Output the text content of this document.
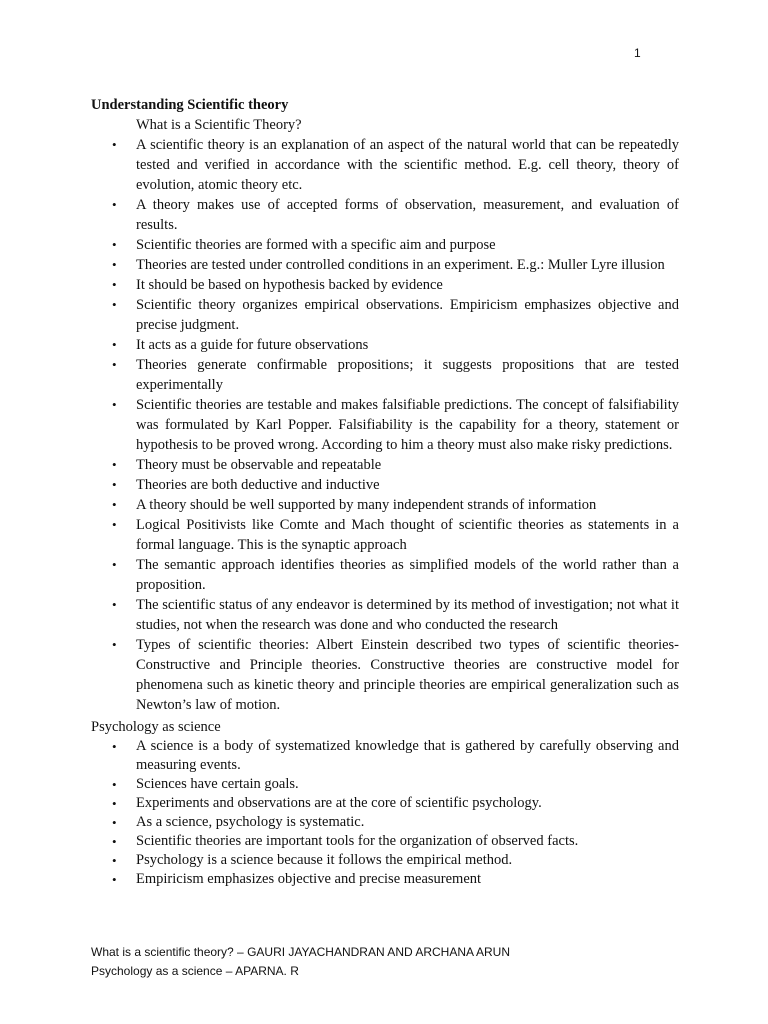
1

Understanding Scientific theory

What is a Scientific Theory?

• A scientific theory is an explanation of an aspect of the natural world that can be repeatedly tested and verified in accordance with the scientific method. E.g. cell theory, theory of evolution, atomic theory etc.
• A theory makes use of accepted forms of observation, measurement, and evaluation of results.
• Scientific theories are formed with a specific aim and purpose
• Theories are tested under controlled conditions in an experiment. E.g.: Muller Lyre illusion
• It should be based on hypothesis backed by evidence
• Scientific theory organizes empirical observations. Empiricism emphasizes objective and precise judgment.
• It acts as a guide for future observations
• Theories generate confirmable propositions; it suggests propositions that are tested experimentally
• Scientific theories are testable and makes falsifiable predictions. The concept of falsifiability was formulated by Karl Popper. Falsifiability is the capability for a theory, statement or hypothesis to be proved wrong. According to him a theory must also make risky predictions.
• Theory must be observable and repeatable
• Theories are both deductive and inductive
• A theory should be well supported by many independent strands of information
• Logical Positivists like Comte and Mach thought of scientific theories as statements in a formal language. This is the synaptic approach
• The semantic approach identifies theories as simplified models of the world rather than a proposition.
• The scientific status of any endeavor is determined by its method of investigation; not what it studies, not when the research was done and who conducted the research
• Types of scientific theories: Albert Einstein described two types of scientific theories- Constructive and Principle theories. Constructive theories are constructive model for phenomena such as kinetic theory and principle theories are empirical generalization such as Newton’s law of motion.

Psychology as science

• A science is a body of systematized knowledge that is gathered by carefully observing and measuring events.
• Sciences have certain goals.
• Experiments and observations are at the core of scientific psychology.
• As a science, psychology is systematic.
• Scientific theories are important tools for the organization of observed facts.
• Psychology is a science because it follows the empirical method.
• Empiricism emphasizes objective and precise measurement
What is a scientific theory? – GAURI JAYACHANDRAN AND ARCHANA ARUN
Psychology as a science – APARNA. R
